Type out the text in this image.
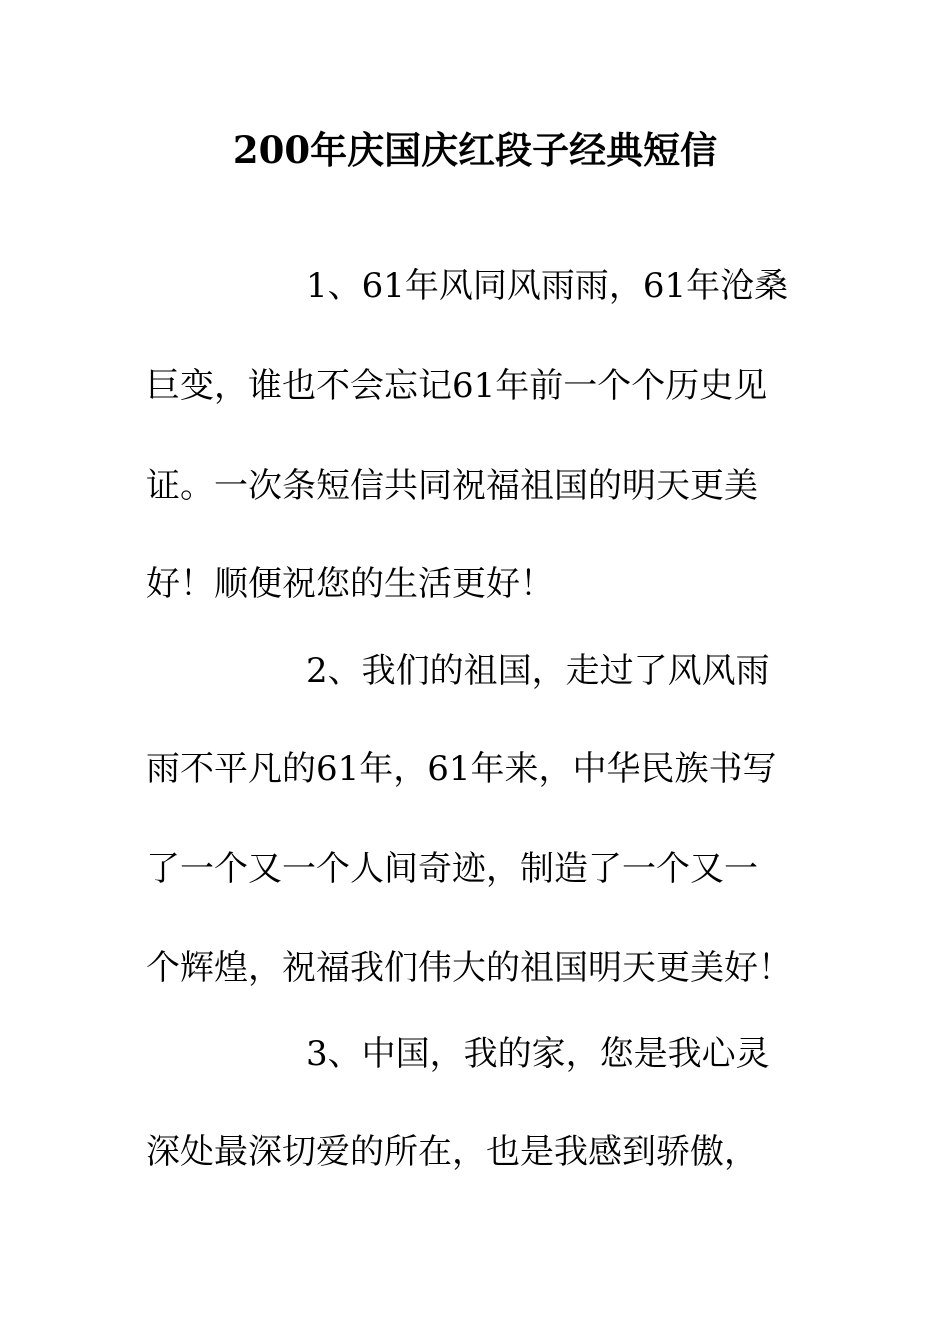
200年庆国庆红段子经典短信
1、61年风同风雨雨，61年沧桑
巨变，谁也不会忘记61年前一个个历史见
证。一次条短信共同祝福祖国的明天更美
好！顺便祝您的生活更好！
2、我们的祖国，走过了风风雨
雨不平凡的61年，61年来，中华民族书写
了一个又一个人间奇迹，制造了一个又一
个辉煌，祝福我们伟大的祖国明天更美好！
3、中国，我的家，您是我心灵
深处最深切爱的所在，也是我感到骄傲，
